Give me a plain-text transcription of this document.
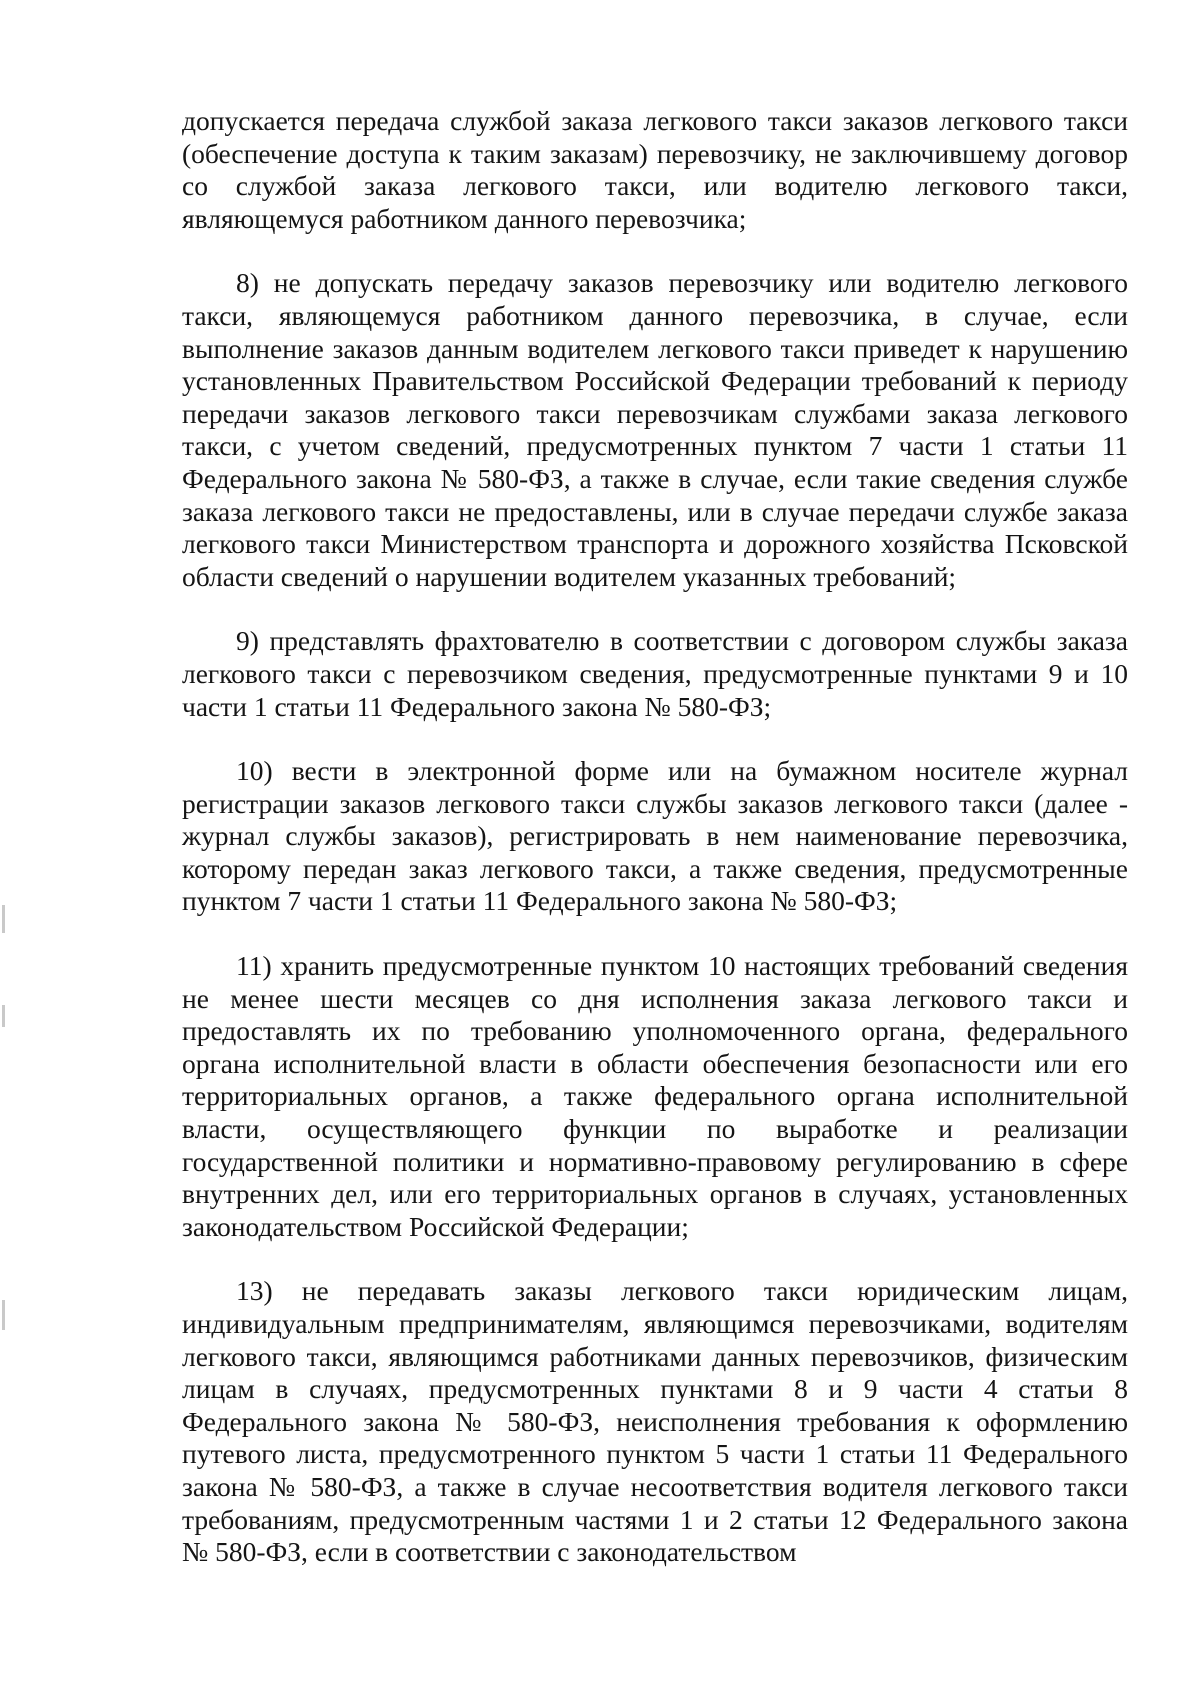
допускается передача службой заказа легкового такси заказов легкового такси (обеспечение доступа к таким заказам) перевозчику, не заключившему договор со службой заказа легкового такси, или водителю легкового такси, являющемуся работником данного перевозчика;

8) не допускать передачу заказов перевозчику или водителю легкового такси, являющемуся работником данного перевозчика, в случае, если выполнение заказов данным водителем легкового такси приведет к нарушению установленных Правительством Российской Федерации требований к периоду передачи заказов легкового такси перевозчикам службами заказа легкового такси, с учетом сведений, предусмотренных пунктом 7 части 1 статьи 11 Федерального закона № 580-ФЗ, а также в случае, если такие сведения службе заказа легкового такси не предоставлены, или в случае передачи службе заказа легкового такси Министерством транспорта и дорожного хозяйства Псковской области сведений о нарушении водителем указанных требований;

9) представлять фрахтователю в соответствии с договором службы заказа легкового такси с перевозчиком сведения, предусмотренные пунктами 9 и 10 части 1 статьи 11 Федерального закона № 580-ФЗ;

10) вести в электронной форме или на бумажном носителе журнал регистрации заказов легкового такси службы заказов легкового такси (далее - журнал службы заказов), регистрировать в нем наименование перевозчика, которому передан заказ легкового такси, а также сведения, предусмотренные пунктом 7 части 1 статьи 11 Федерального закона № 580-ФЗ;

11) хранить предусмотренные пунктом 10 настоящих требований сведения не менее шести месяцев со дня исполнения заказа легкового такси и предоставлять их по требованию уполномоченного органа, федерального органа исполнительной власти в области обеспечения безопасности или его территориальных органов, а также федерального органа исполнительной власти, осуществляющего функции по выработке и реализации государственной политики и нормативно-правовому регулированию в сфере внутренних дел, или его территориальных органов в случаях, установленных законодательством Российской Федерации;

13) не передавать заказы легкового такси юридическим лицам, индивидуальным предпринимателям, являющимся перевозчиками, водителям легкового такси, являющимся работниками данных перевозчиков, физическим лицам в случаях, предусмотренных пунктами 8 и 9 части 4 статьи 8 Федерального закона № 580-ФЗ, неисполнения требования к оформлению путевого листа, предусмотренного пунктом 5 части 1 статьи 11 Федерального закона № 580-ФЗ, а также в случае несоответствия водителя легкового такси требованиям, предусмотренным частями 1 и 2 статьи 12 Федерального закона № 580-ФЗ, если в соответствии с законодательством
